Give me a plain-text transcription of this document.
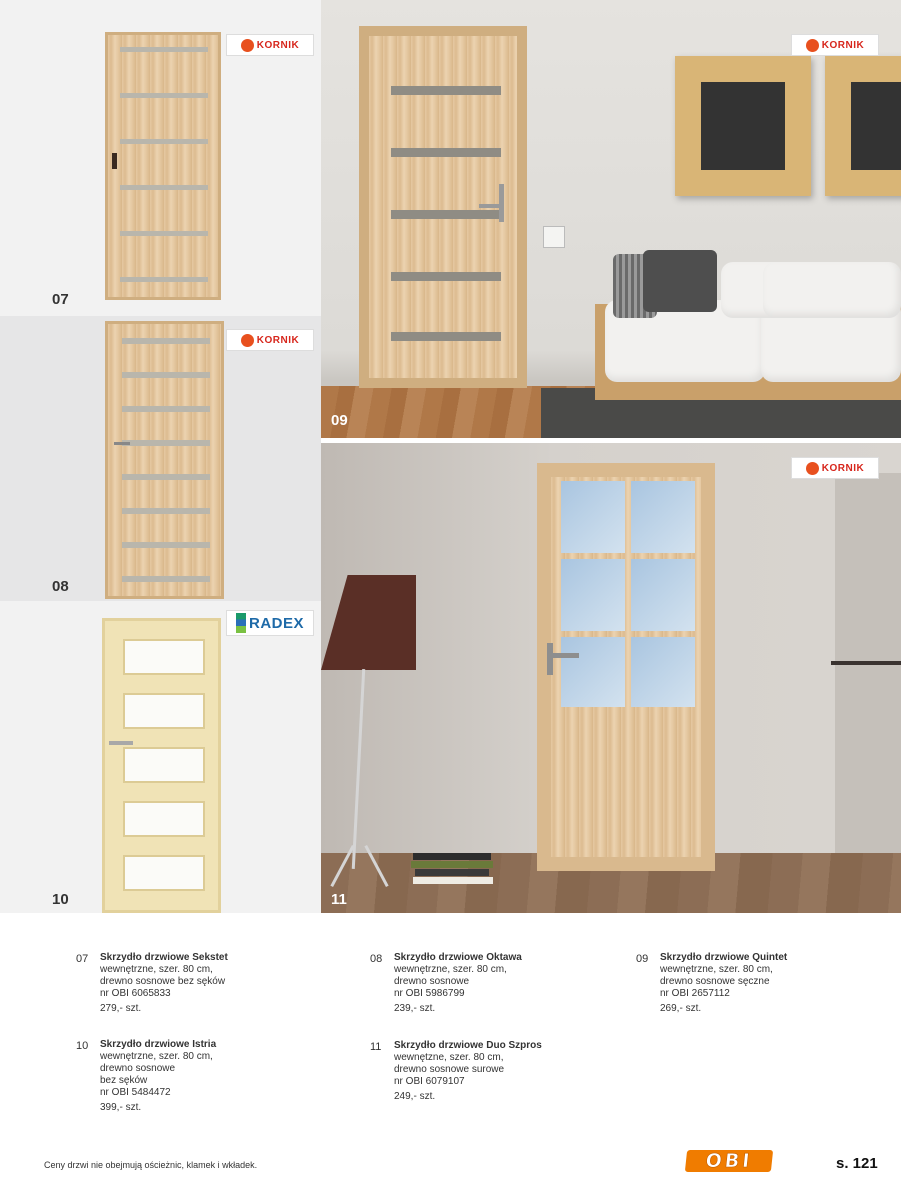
KORNIK
07
KORNIK
08
RADEX
10
09
KORNIK
11
KORNIK
07 Skrzydło drzwiowe Sekstet
wewnętrzne, szer. 80 cm,
drewno sosnowe bez sęków
nr OBI 6065833
279,- szt.
08 Skrzydło drzwiowe Oktawa
wewnętrzne, szer. 80 cm,
drewno sosnowe
nr OBI 5986799
239,- szt.
09 Skrzydło drzwiowe Quintet
wewnętrzne, szer. 80 cm,
drewno sosnowe sęczne
nr OBI 2657112
269,- szt.
10 Skrzydło drzwiowe Istria
wewnętrzne, szer. 80 cm,
drewno sosnowe
bez sęków
nr OBI 5484472
399,- szt.
11 Skrzydło drzwiowe Duo Szpros
wewnętzne, szer. 80 cm,
drewno sosnowe surowe
nr OBI 6079107
249,- szt.
Ceny drzwi nie obejmują ościeżnic, klamek i wkładek.	OBI	s. 121
